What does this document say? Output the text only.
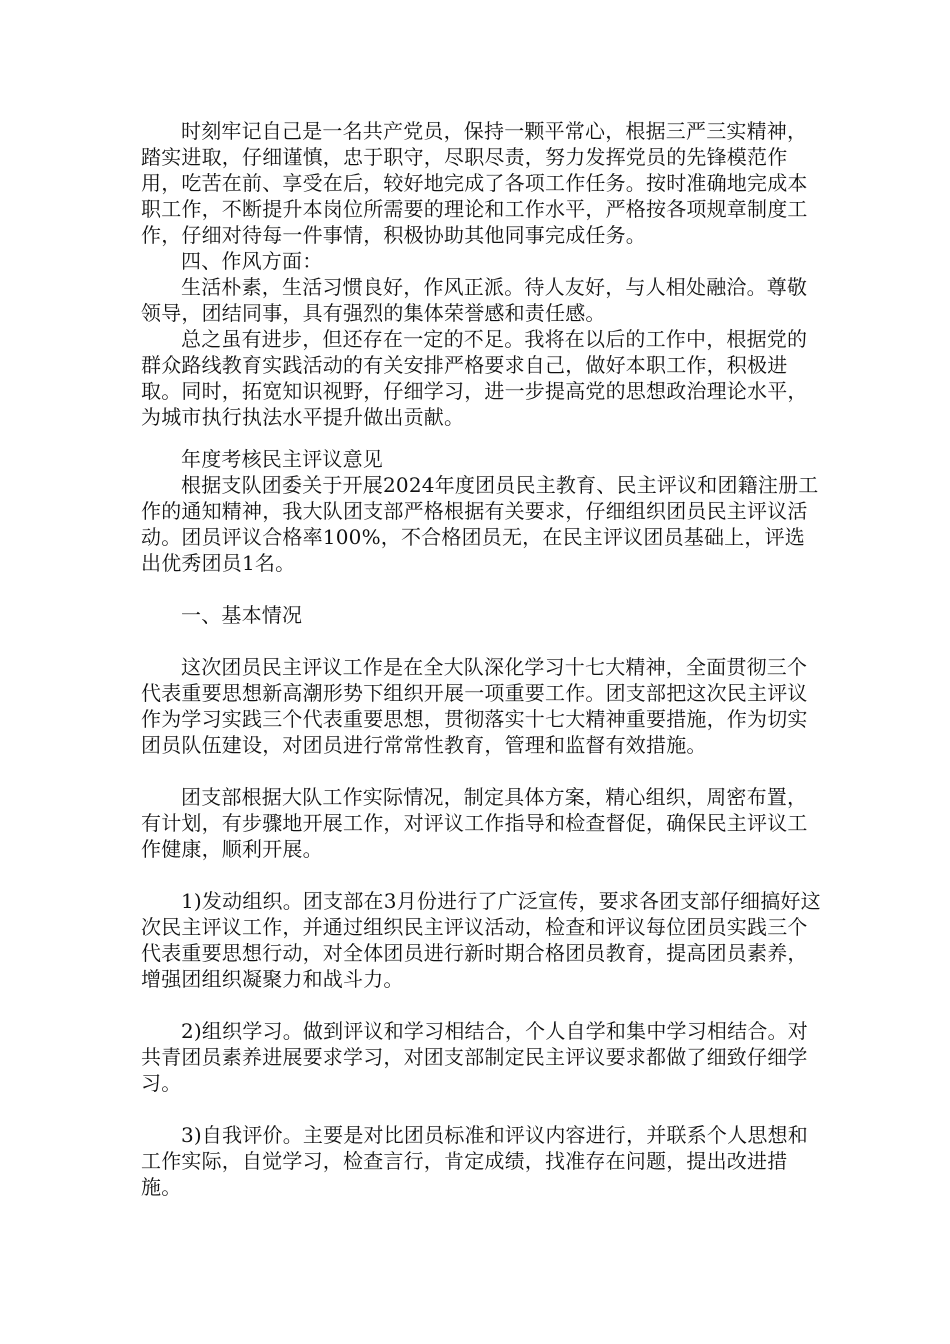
时刻牢记自己是一名共产党员，保持一颗平常心，根据三严三实精神，踏实进取，仔细谨慎，忠于职守，尽职尽责，努力发挥党员的先锋模范作用，吃苦在前、享受在后，较好地完成了各项工作任务。按时准确地完成本职工作，不断提升本岗位所需要的理论和工作水平，严格按各项规章制度工作，仔细对待每一件事情，积极协助其他同事完成任务。

四、作风方面：

生活朴素，生活习惯良好，作风正派。待人友好，与人相处融洽。尊敬领导，团结同事，具有强烈的集体荣誉感和责任感。

总之虽有进步，但还存在一定的不足。我将在以后的工作中，根据党的群众路线教育实践活动的有关安排严格要求自己，做好本职工作，积极进取。同时，拓宽知识视野，仔细学习，进一步提高党的思想政治理论水平，为城市执行执法水平提升做出贡献。

年度考核民主评议意见

根据支队团委关于开展2024年度团员民主教育、民主评议和团籍注册工作的通知精神，我大队团支部严格根据有关要求，仔细组织团员民主评议活动。团员评议合格率100%，不合格团员无，在民主评议团员基础上，评选出优秀团员1名。

一、基本情况

这次团员民主评议工作是在全大队深化学习十七大精神，全面贯彻三个代表重要思想新高潮形势下组织开展一项重要工作。团支部把这次民主评议作为学习实践三个代表重要思想，贯彻落实十七大精神重要措施，作为切实团员队伍建设，对团员进行常常性教育，管理和监督有效措施。

团支部根据大队工作实际情况，制定具体方案，精心组织，周密布置，有计划，有步骤地开展工作，对评议工作指导和检查督促，确保民主评议工作健康，顺利开展。

1)发动组织。团支部在3月份进行了广泛宣传，要求各团支部仔细搞好这次民主评议工作，并通过组织民主评议活动，检查和评议每位团员实践三个代表重要思想行动，对全体团员进行新时期合格团员教育，提高团员素养，增强团组织凝聚力和战斗力。

2)组织学习。做到评议和学习相结合，个人自学和集中学习相结合。对共青团员素养进展要求学习，对团支部制定民主评议要求都做了细致仔细学习。

3)自我评价。主要是对比团员标准和评议内容进行，并联系个人思想和工作实际，自觉学习，检查言行，肯定成绩，找准存在问题，提出改进措施。
